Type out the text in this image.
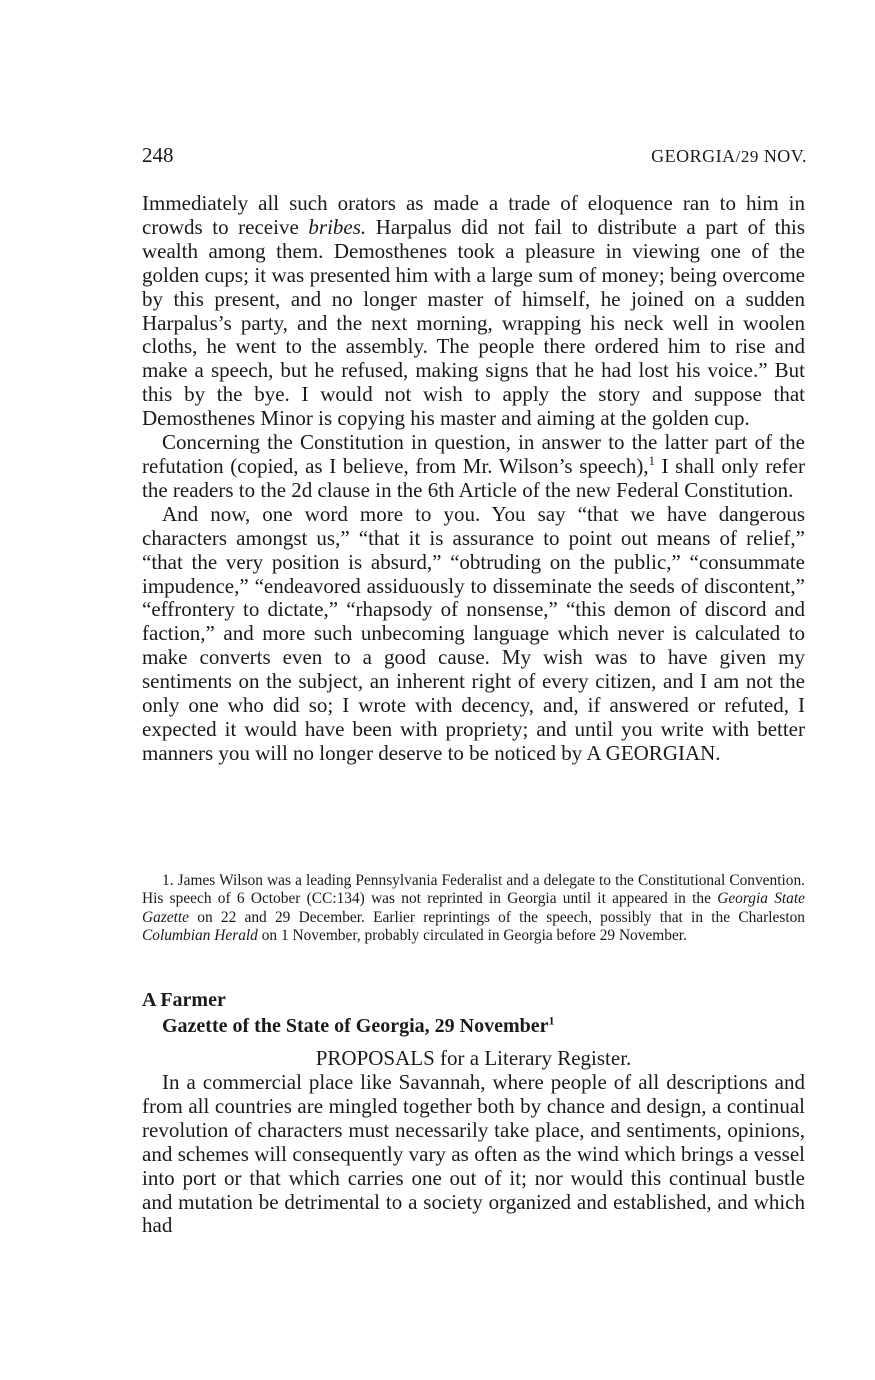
248	GEORGIA/29 NOV.

Immediately all such orators as made a trade of eloquence ran to him in crowds to receive bribes. Harpalus did not fail to distribute a part of this wealth among them. Demosthenes took a pleasure in viewing one of the golden cups; it was presented him with a large sum of money; being overcome by this present, and no longer master of himself, he joined on a sudden Harpalus’s party, and the next morning, wrapping his neck well in woolen cloths, he went to the assembly. The people there ordered him to rise and make a speech, but he refused, making signs that he had lost his voice.” But this by the bye. I would not wish to apply the story and suppose that Demosthenes Minor is copying his master and aiming at the golden cup.

Concerning the Constitution in question, in answer to the latter part of the refutation (copied, as I believe, from Mr. Wilson’s speech),$^1$ I shall only refer the readers to the 2d clause in the 6th Article of the new Federal Constitution.

And now, one word more to you. You say “that we have dangerous characters amongst us,” “that it is assurance to point out means of relief,” “that the very position is absurd,” “obtruding on the public,” “consummate impudence,” “endeavored assiduously to disseminate the seeds of discontent,” “effrontery to dictate,” “rhapsody of nonsense,” “this demon of discord and faction,” and more such unbecoming language which never is calculated to make converts even to a good cause. My wish was to have given my sentiments on the subject, an inherent right of every citizen, and I am not the only one who did so; I wrote with decency, and, if answered or refuted, I expected it would have been with propriety; and until you write with better manners you will no longer deserve to be noticed by A GEORGIAN.

1. James Wilson was a leading Pennsylvania Federalist and a delegate to the Constitutional Convention. His speech of 6 October (CC:134) was not reprinted in Georgia until it appeared in the Georgia State Gazette on 22 and 29 December. Earlier reprintings of the speech, possibly that in the Charleston Columbian Herald on 1 November, probably circulated in Georgia before 29 November.

A Farmer
Gazette of the State of Georgia, 29 November$^1$
PROPOSALS for a Literary Register.

In a commercial place like Savannah, where people of all descriptions and from all countries are mingled together both by chance and design, a continual revolution of characters must necessarily take place, and sentiments, opinions, and schemes will consequently vary as often as the wind which brings a vessel into port or that which carries one out of it; nor would this continual bustle and mutation be detrimental to a society organized and established, and which had
